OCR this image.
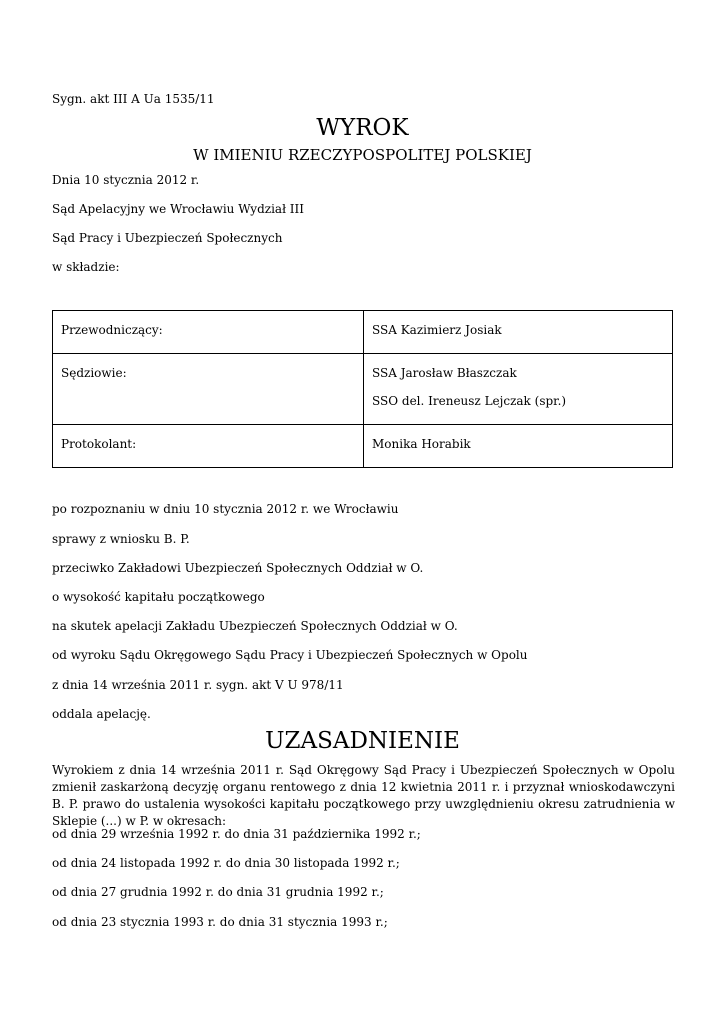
Sygn. akt III A Ua 1535/11
WYROK
W IMIENIU RZECZYPOSPOLITEJ POLSKIEJ
Dnia 10 stycznia 2012 r.
Sąd Apelacyjny we Wrocławiu Wydział III
Sąd Pracy i Ubezpieczeń Społecznych
w składzie:
Przewodniczący:	SSA Kazimierz Josiak
Sędziowie:	SSA Jarosław Błaszczak
SSO del. Ireneusz Lejczak (spr.)

Protokolant:	Monika Horabik
po rozpoznaniu w dniu 10 stycznia 2012 r. we Wrocławiu
sprawy z wniosku B. P.
przeciwko Zakładowi Ubezpieczeń Społecznych Oddział w O.
o wysokość kapitału początkowego
na skutek apelacji Zakładu Ubezpieczeń Społecznych Oddział w O.
od wyroku Sądu Okręgowego Sądu Pracy i Ubezpieczeń Społecznych w Opolu
z dnia 14 września 2011 r. sygn. akt V U 978/11
oddala apelację.
UZASADNIENIE
Wyrokiem z dnia 14 września 2011 r. Sąd Okręgowy Sąd Pracy i Ubezpieczeń Społecznych w Opolu zmienił zaskarżoną decyzję organu rentowego z dnia 12 kwietnia 2011 r. i przyznał wnioskodawczyni B. P. prawo do ustalenia wysokości kapitału początkowego przy uwzględnieniu okresu zatrudnienia w Sklepie (...) w P. w okresach:
od dnia 29 września 1992 r. do dnia 31 października 1992 r.;
od dnia 24 listopada 1992 r. do dnia 30 listopada 1992 r.;
od dnia 27 grudnia 1992 r. do dnia 31 grudnia 1992 r.;
od dnia 23 stycznia 1993 r. do dnia 31 stycznia 1993 r.;
